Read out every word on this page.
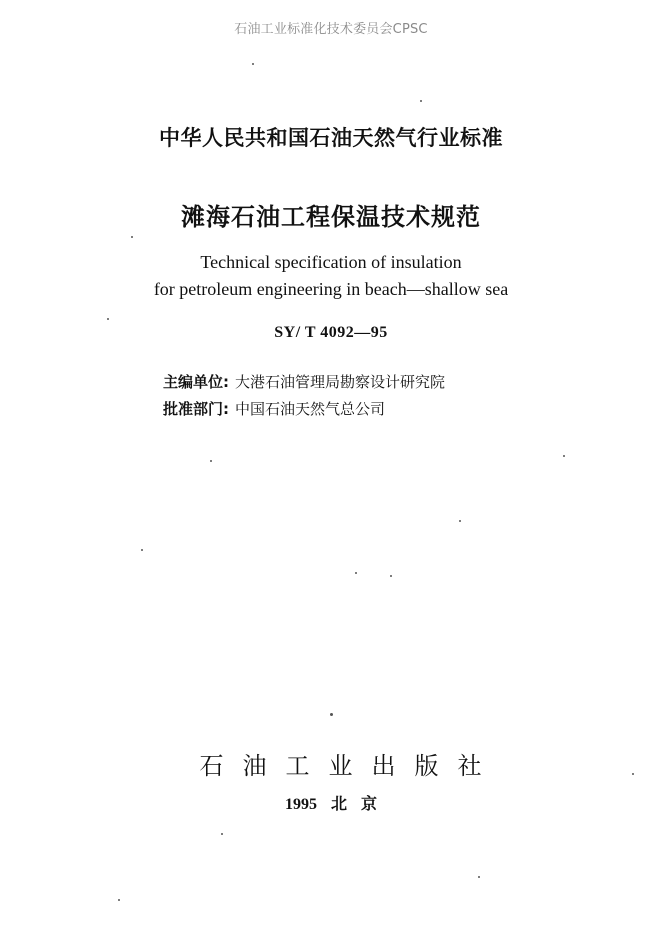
石油工业标准化技术委员会CPSC
中华人民共和国石油天然气行业标准
滩海石油工程保温技术规范
Technical specification of insulation
for petroleum engineering in beach—shallow sea
SY/ T 4092—95
主编单位: 大港石油管理局勘察设计研究院
批准部门: 中国石油天然气总公司
石油工业出版社
1995 北 京
